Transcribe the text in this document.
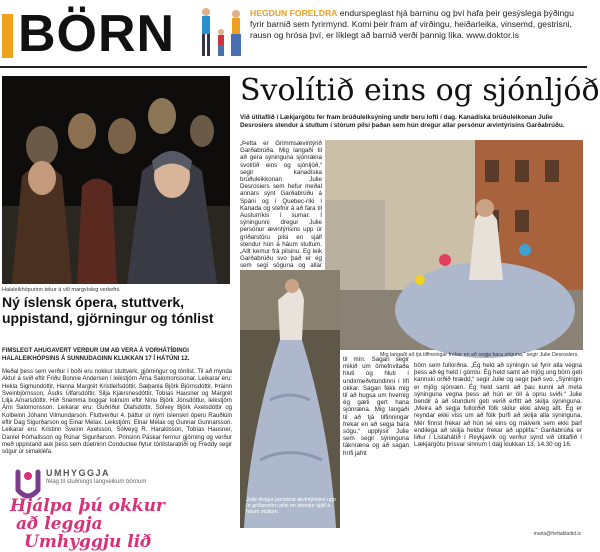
BÖRN	HEGDUN FORELDRA endurspeglast hjá barninu og því hafa þeir gesýslega þýðingu fyrir barnið sem fyrirmynd. Komi þeir fram af virðingu, heiðarleika, vinsemd, gestrisni, rausn og hrósa því, er líklegt að barnið verði þannig líka. www.doktor.is
Halaleikhópurinn tekur á við margvísleg verkefni.
Ný íslensk ópera, stuttverk, uppistand, gjörningur og tónlist
FIMSLEGT AHUGAVERT VERÐUR UM AÐ VERA Á VORHÁTÍÐINGI HALALEIKHÓPSINS Á SUNNUDAGINN KLUKKAN 17 Í HÁTÚNI 12.
Meðal þess sem verður í boði eru nokkur stuttverk, gjörningur og tónlist. Til að mynda Aktu! á svið eftir Friðu Bonnie Andersen í leikstjórn Árna Salomonssonar. Leikarar eru: Hekla Sigmundóttir, Hanna Margrét Kristleifsdóttir, Sæþanla Björk Björnsdóttir, Þráinn Sveinbjörnsson, Ásdís Úlfarsdóttir, Silja Kjærsnesdóttir, Tobías Hausner og Margrét Lilja Arnarsdóttir. Hið Snemma boggar Ioknum eftir Nínu Björk Jónsdóttur, leikstjórn Árni Salomonsson. Leikarar eru: Guðríður Ólafsdóttir, Sólvey Björk Axelsdóttir og Kolbeinn Jóhann Vilmundarson. Fluttverður 4. þáttur úr nýrri íslenskri óperu Rauðlúin eftir Dag Sigurðarson og Einar Melax. Leikstjórn: Einar Melax og Gunnar Gunnarsson. Leikarar eru: Kristinn Sveinn Axelsson, Sólveyg R. Haraldsson, Tobías Hausner, Daníel Þórhallsson og Rúnar Sigurðarson. Prinsinn Páskar ferrnur gjörning og verður með uppistand auk þess sem dúetninn Conductee flytur tónlistaratriði og Freddy segir sögur úr simakléfa.
UMHYGGJA
félag til stuðnings langveikum börnum
Hjálpa þú okkur
að leggja
Umhyggju lið
Svolítið eins og sjónljóð
Við útitaflið í Lækjargötu fer fram brúðuleiksýning undir beru lofti í dag. Kanadíska brúðuleikonan Julie Desrosiers stendur á stultum í stórum pilsi þaðan sem hún dregur allar persónur ævintýrisins Garðabrúðu.
„Þetta er Grimmsævintýrið Garðabrúða. Mig langaði til að gera sýninguna sjónræna svolítið eins og sjónljóð,“ segir kanadíska brúðuleikkonan Julie Desrosiers sem hefur meðal annars sýnt Garðabrúðu á Spáni og í Quebec-ríki í Kanada og stefnir á að fara til Austurríkis í sumar. Í sýningunni dregur Julie persónur ævintýrisins upp úr gríðarstóru pilsi en sjálf stendur hún á háum stultum. „Allt kemur frá pilsinu. Eg leik Garðabrúðu svo það er ég sem segi söguna og allar
Mig langaði að tjá tilfinningar frekar en að segja bara söguna,“ segir Julie Desrosiers.
Julie dregur persónur ævintýrisins upp úr gríðarstóru pilsi en stendur sjálf á háum stultum.
til mín. Sagan segir mikið um ömefnvitaða hluti og hluti í undirmeðvitundinni í lífi okkar. Sagan fékk mig til að hugsa um hvernig ég gæti gert hana sjónræna. Mig langaði til að tjá tilfinningar frekar en að segja bara sögu,“ upplýsir Julie sem segir sýninguna táknræna og að sagan hrífi jafnt
börn sem fullorðna. „Ég held að sýningin sé fyrir alla vegna þess að ég held í gömlu. Ég held samt að mjög ung börn geti kannski orðið hrædd,“ segir Julie og segir það svo. „Sýningin er mjög sjónræn. Ég held samt að þau kunni að meta sýninguna vegna þess að hún er öll á opnu sviði.“ Julie bendir á að stundum geti verið erfitt að skilja sýninguna. „Meira að segja fullorðið fólk skilur ekki alveg allt. Ég er reyndar ekki viss um að fólk þurfi að skilja alla sýninguna. Mér finnst frekar að hún sé eins og málverk sem ekki þarf endilega að skilja heldur frekar að upplifa.“ Garðabrúða er liður í Listahátíð í Reykjavík og verður sýnd við útitaflið í Lækjargötu þrisvar sinnum í dag klukkan 13, 14.30 og 16.
maria@frettabladid.is
